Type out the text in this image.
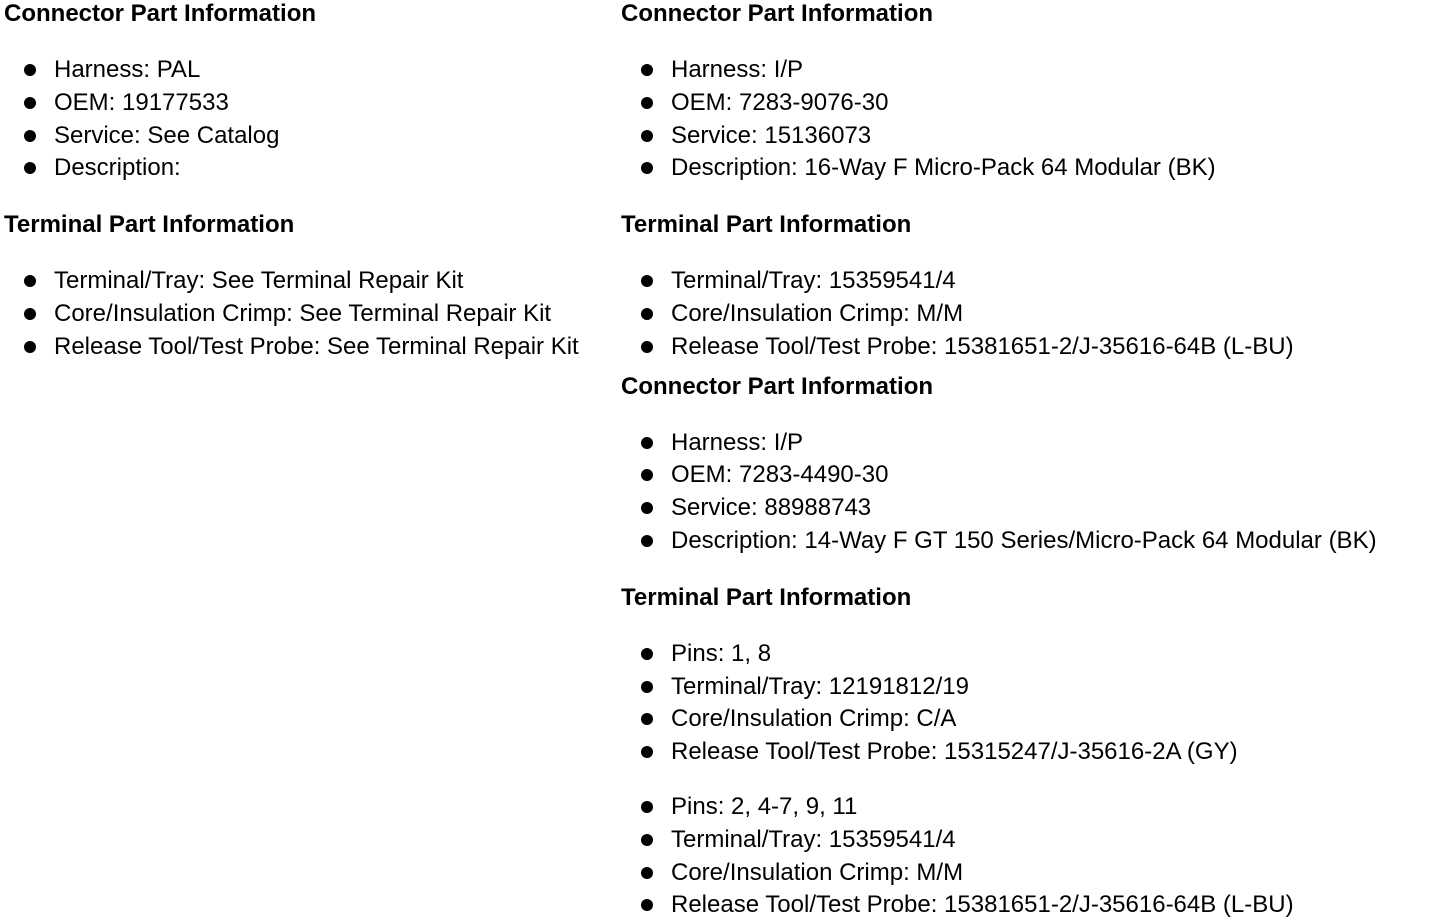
Connector Part Information
Harness: PAL
OEM: 19177533
Service: See Catalog
Description:
Terminal Part Information
Terminal/Tray: See Terminal Repair Kit
Core/Insulation Crimp: See Terminal Repair Kit
Release Tool/Test Probe: See Terminal Repair Kit
Connector Part Information
Harness: I/P
OEM: 7283-9076-30
Service: 15136073
Description: 16-Way F Micro-Pack 64 Modular (BK)
Terminal Part Information
Terminal/Tray: 15359541/4
Core/Insulation Crimp: M/M
Release Tool/Test Probe: 15381651-2/J-35616-64B (L-BU)
Connector Part Information
Harness: I/P
OEM: 7283-4490-30
Service: 88988743
Description: 14-Way F GT 150 Series/Micro-Pack 64 Modular (BK)
Terminal Part Information
Pins: 1, 8
Terminal/Tray: 12191812/19
Core/Insulation Crimp: C/A
Release Tool/Test Probe: 15315247/J-35616-2A (GY)
Pins: 2, 4-7, 9, 11
Terminal/Tray: 15359541/4
Core/Insulation Crimp: M/M
Release Tool/Test Probe: 15381651-2/J-35616-64B (L-BU)
